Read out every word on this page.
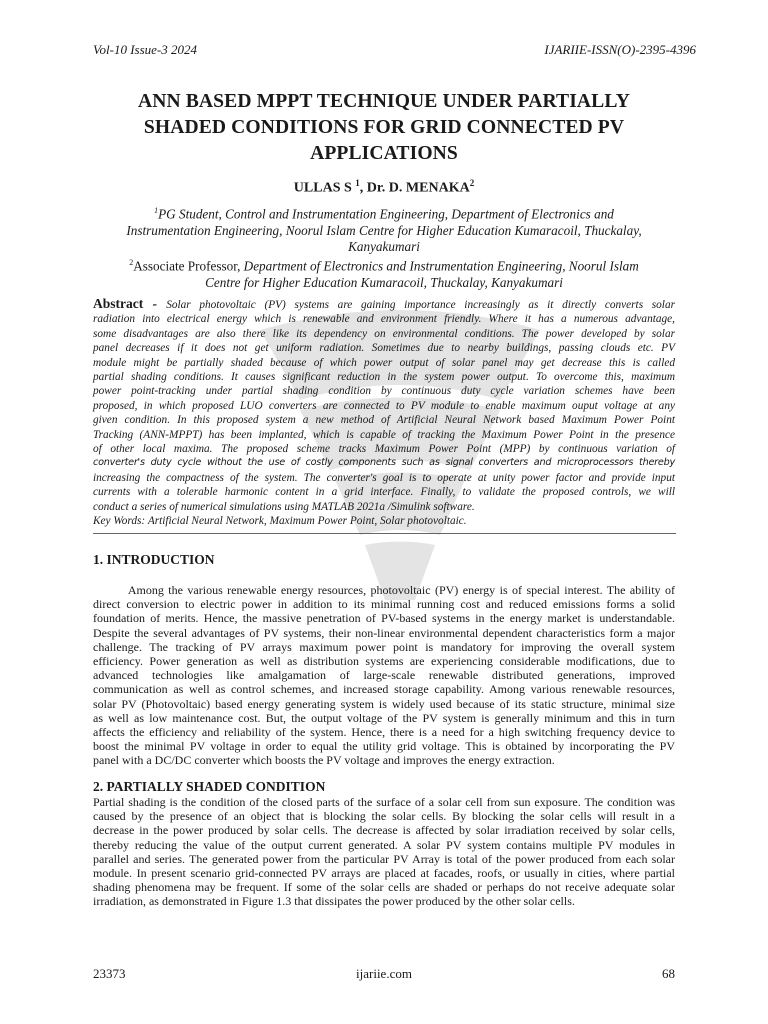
Vol-10 Issue-3 2024	IJARIIE-ISSN(O)-2395-4396
ANN BASED MPPT TECHNIQUE UNDER PARTIALLY
SHADED CONDITIONS FOR GRID CONNECTED PV
APPLICATIONS
ULLAS S $^1$, Dr. D. MENAKA$^2$
$^1$PG Student, Control and Instrumentation Engineering, Department of Electronics and
Instrumentation Engineering, Noorul Islam Centre for Higher Education Kumaracoil, Thuckalay,
Kanyakumari
$^2$Associate Professor, Department of Electronics and Instrumentation Engineering, Noorul Islam
Centre for Higher Education Kumaracoil, Thuckalay, Kanyakumari
Abstract - Solar photovoltaic (PV) systems are gaining importance increasingly as it directly converts solar
radiation into electrical energy which is renewable and environment friendly. Where it has a numerous advantage,
some disadvantages are also there like its dependency on environmental conditions. The power developed by solar
panel decreases if it does not get uniform radiation. Sometimes due to nearby buildings, passing clouds etc. PV
module might be partially shaded because of which power output of solar panel may get decrease this is called
partial shading conditions. It causes significant reduction in the system power output. To overcome this, maximum
power point-tracking under partial shading condition by continuous duty cycle variation schemes have been
proposed, in which proposed LUO converters are connected to PV module to enable maximum ouput voltage at any
given condition. In this proposed system a new method of Artificial Neural Network based Maximum Power Point
Tracking (ANN-MPPT) has been implanted, which is capable of tracking the Maximum Power Point in the presence
of other local maxima. The proposed scheme tracks Maximum Power Point (MPP) by continuous variation of
converter's duty cycle without the use of costly components such as signal converters and microprocessors thereby
increasing the compactness of the system. The converter's goal is to operate at unity power factor and provide input
currents with a tolerable harmonic content in a grid interface. Finally, to validate the proposed controls, we will
conduct a series of numerical simulations using MATLAB 2021a /Simulink software.
Key Words: Artificial Neural Network, Maximum Power Point, Solar photovoltaic.
1. INTRODUCTION
Among the various renewable energy resources, photovoltaic (PV) energy is of special interest. The ability of
direct conversion to electric power in addition to its minimal running cost and reduced emissions forms a solid
foundation of merits. Hence, the massive penetration of PV-based systems in the energy market is understandable.
Despite the several advantages of PV systems, their non-linear environmental dependent characteristics form a major
challenge. The tracking of PV arrays maximum power point is mandatory for improving the overall system
efficiency. Power generation as well as distribution systems are experiencing considerable modifications, due to
advanced technologies like amalgamation of large-scale renewable distributed generations, improved
communication as well as control schemes, and increased storage capability. Among various renewable resources,
solar PV (Photovoltaic) based energy generating system is widely used because of its static structure, minimal size
as well as low maintenance cost. But, the output voltage of the PV system is generally minimum and this in turn
affects the efficiency and reliability of the system. Hence, there is a need for a high switching frequency device to
boost the minimal PV voltage in order to equal the utility grid voltage. This is obtained by incorporating the PV
panel with a DC/DC converter which boosts the PV voltage and improves the energy extraction.
2. PARTIALLY SHADED CONDITION
Partial shading is the condition of the closed parts of the surface of a solar cell from sun exposure. The condition was
caused by the presence of an object that is blocking the solar cells. By blocking the solar cells will result in a
decrease in the power produced by solar cells. The decrease is affected by solar irradiation received by solar cells,
thereby reducing the value of the output current generated. A solar PV system contains multiple PV modules in
parallel and series. The generated power from the particular PV Array is total of the power produced from each solar
module. In present scenario grid-connected PV arrays are placed at facades, roofs, or usually in cities, where partial
shading phenomena may be frequent. If some of the solar cells are shaded or perhaps do not receive adequate solar
irradiation, as demonstrated in Figure 1.3 that dissipates the power produced by the other solar cells.
23373	ijariie.com	68
